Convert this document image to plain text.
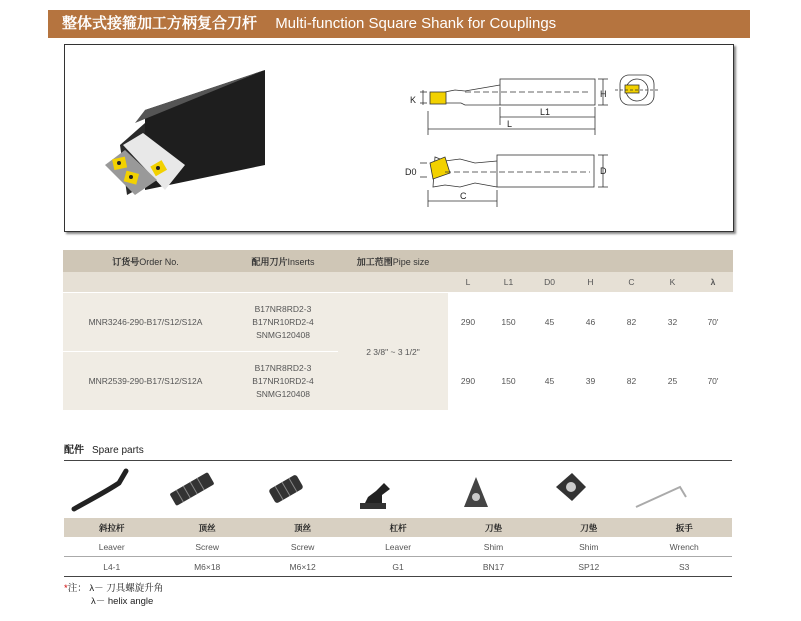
整体式接箍加工方柄复合刀杆 Multi-function Square Shank for Couplings
K
H
L1
L
D0	D
C
订货号Order No.	配用刀片Inserts	加工范围Pipe size							
			L	L1	D0	H	C	K	λ
MNR3246-290-B17/S12/S12A	B17NR8RD2-3
B17NR10RD2-4
SNMG120408	2 3/8" ~ 3 1/2"	290	150	45	46	82	32	70'
MNR2539-290-B17/S12/S12A	B17NR8RD2-3
B17NR10RD2-4
SNMG120408		290	150	45	39	82	25	70'
配件 Spare parts
斜拉杆	顶丝	顶丝	杠杆	刀垫	刀垫	扳手
Leaver	Screw	Screw	Leaver	Shim	Shim	Wrench
L4-1	M6×18	M6×12	G1	BN17	SP12	S3
*注： λ－ 刀具螺旋升角
λ－ helix angle
